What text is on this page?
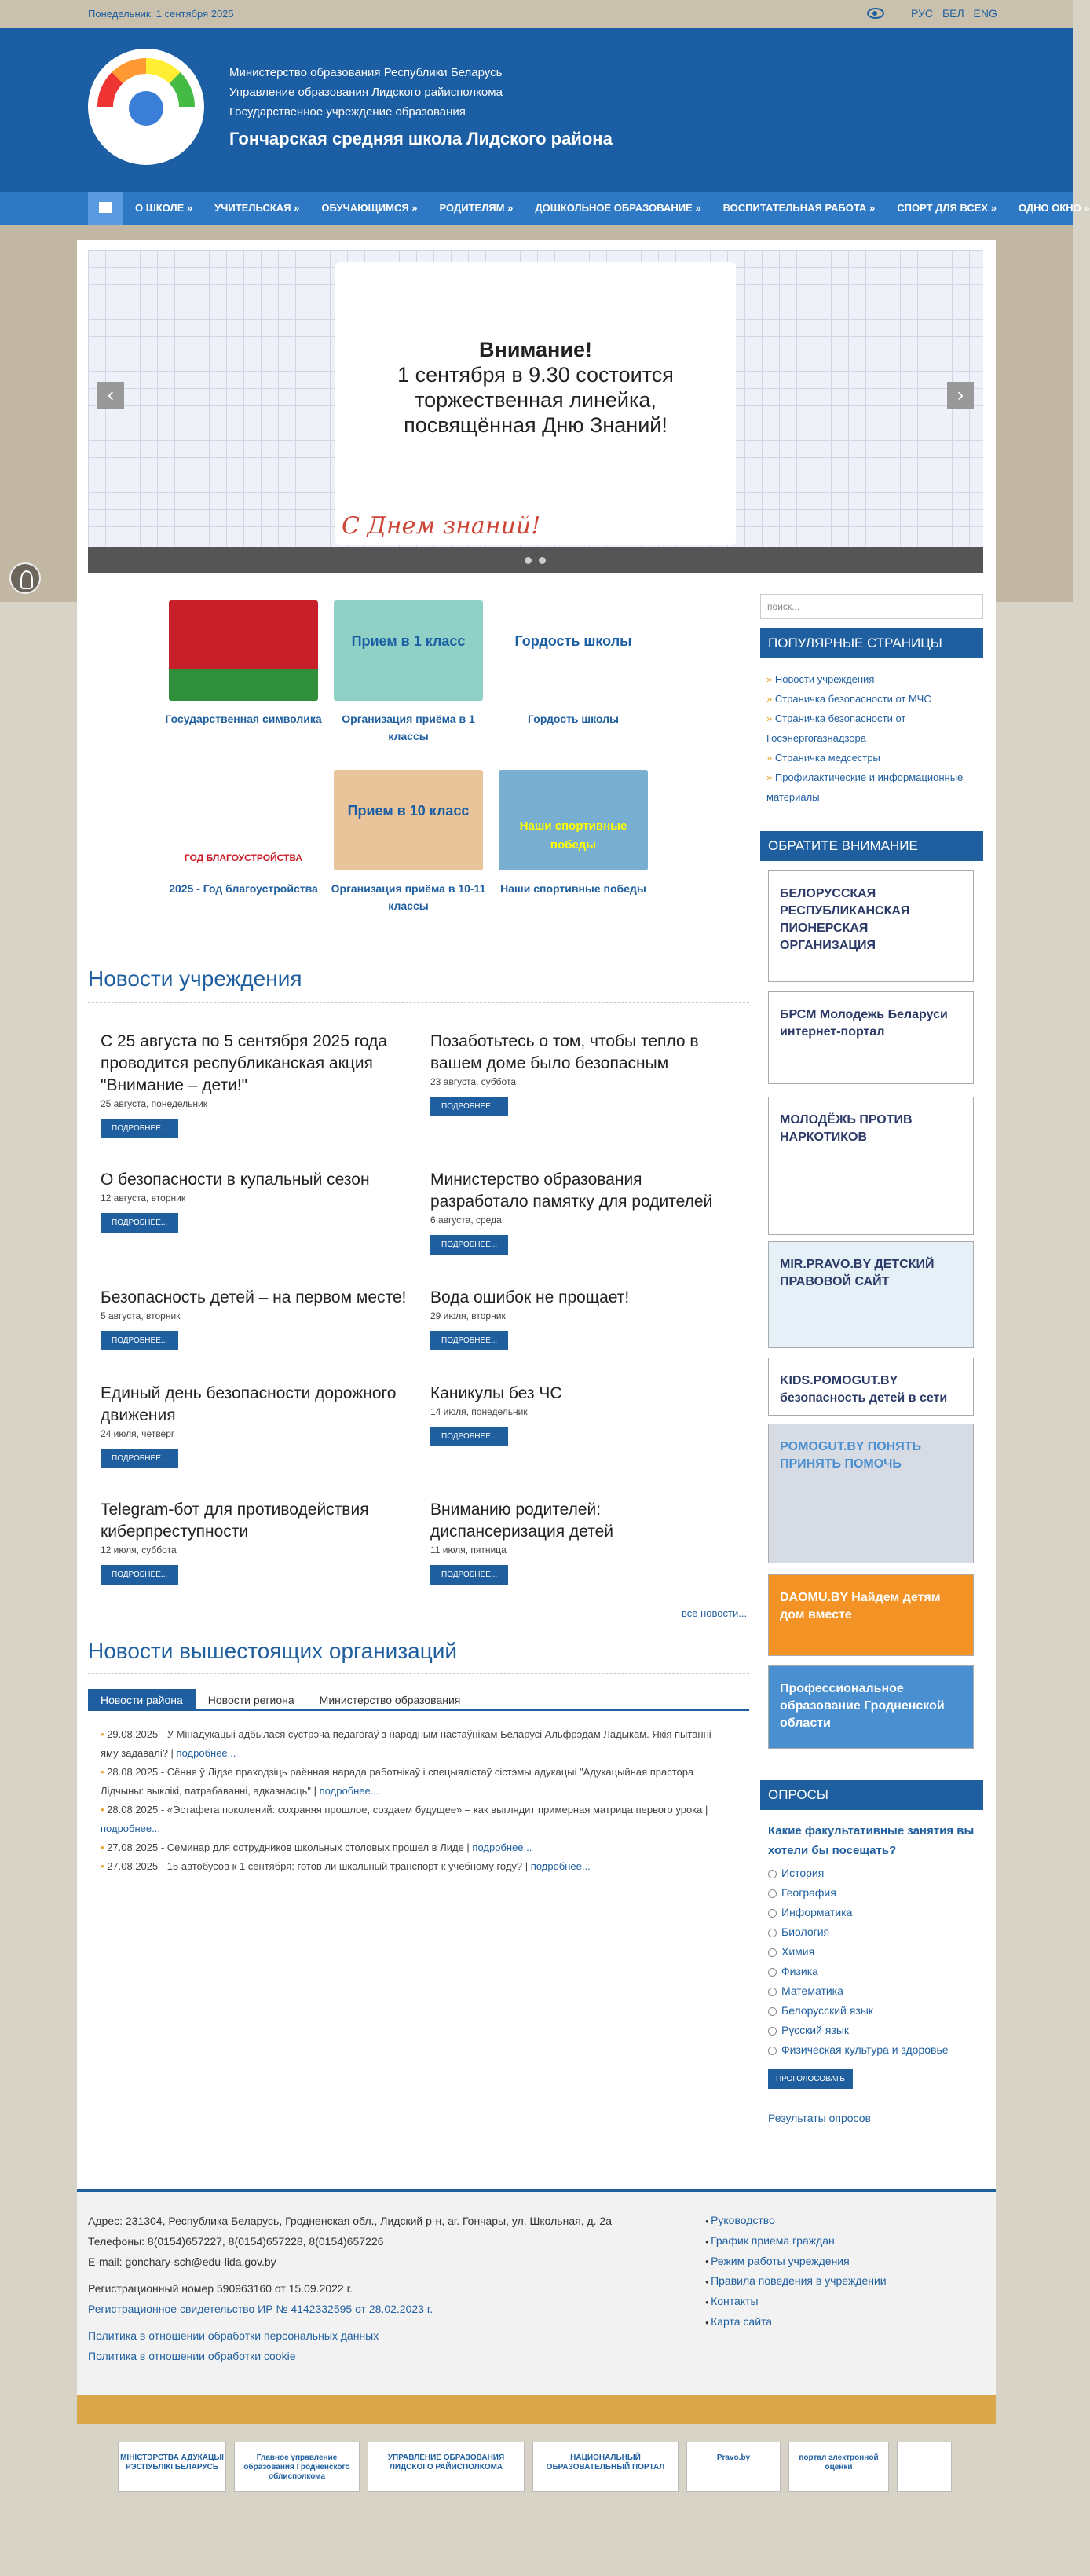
Понедельник, 1 сентября 2025	РУС БЕЛ ENG
Министерство образования Республики Беларусь
Управление образования Лидского райисполкома
Государственное учреждение образования
Гончарская средняя школа Лидского района
О ШКОЛЕ » УЧИТЕЛЬСКАЯ » ОБУЧАЮЩИМСЯ » РОДИТЕЛЯМ » ДОШКОЛЬНОЕ ОБРАЗОВАНИЕ » ВОСПИТАТЕЛЬНАЯ РАБОТА » СПОРТ ДЛЯ ВСЕХ » ОДНО ОКНО »
Внимание!
1 сентября в 9.30 состоится
торжественная линейка,
посвящённая Дню Знаний!
С Днем знаний!
‹	›
Новости учреждения
все новости...
Новости вышестоящих организаций
Новости района	Новости региона	Министерство образования
• 29.08.2025 - У Мінадукацыі адбылася сустрэча педагогаў з народным настаўнікам Беларусі Альфрэдам Ладыкам. Якія пытанні яму задавалі? | подробнее...
• 28.08.2025 - Сёння ў Лідзе праходзіць раённая нарада работнікаў і спецыялістаў сістэмы адукацыі "Адукацыйная прастора Лідчыны: выклікі, патрабаванні, адказнасць" | подробнее...
• 28.08.2025 - «Эстафета поколений: сохраняя прошлое, создаем будущее» – как выглядит примерная матрица первого урока | подробнее...
• 27.08.2025 - Семинар для сотрудников школьных столовых прошел в Лиде | подробнее...
• 27.08.2025 - 15 автобусов к 1 сентября: готов ли школьный транспорт к учебному году? | подробнее...
поиск...
ПОПУЛЯРНЫЕ СТРАНИЦЫ
» Новости учреждения
» Страничка безопасности от МЧС
» Страничка безопасности от Госэнергогазнадзора
» Страничка медсестры
» Профилактические и информационные материалы
ОБРАТИТЕ ВНИМАНИЕ
ОПРОСЫ
Какие факультативные занятия вы хотели бы посещать?
История
География
Информатика
Биология
Химия
Физика
Математика
Белорусский язык
Русский язык
Физическая культура и здоровье
ПРОГОЛОСОВАТЬ
Результаты опросов
Адрес: 231304, Республика Беларусь, Гродненская обл., Лидский р-н, аг. Гончары, ул. Школьная, д. 2а
Телефоны: 8(0154)657227, 8(0154)657228, 8(0154)657226
E-mail: gonchary-sch@edu-lida.gov.by
Регистрационный номер 590963160 от 15.09.2022 г.
Регистрационное свидетельство ИР № 4142332595 от 28.02.2023 г.
Политика в отношении обработки персональных данных
Политика в отношении обработки cookie
● Руководство
● График приема граждан
● Режим работы учреждения
● Правила поведения в учреждении
● Контакты
● Карта сайта
МІНІСТЭРСТВА АДУКАЦЫІ РЭСПУБЛІКІ БЕЛАРУСЬ
Главное управление образования Гродненского облисполкома
УПРАВЛЕНИЕ ОБРАЗОВАНИЯ ЛИДСКОГО РАЙИСПОЛКОМА
НАЦИОНАЛЬНЫЙ ОБРАЗОВАТЕЛЬНЫЙ ПОРТАЛ
Pravo.by	портал электронной оценки
Государственная символика
Прием в 1 класс
Организация приёма в 1 классы
Гордость школы
Гордость школы
ГОД БЛАГОУСТРОЙСТВА
2025 - Год благоустройства
Прием в 10 класс
Организация приёма в 10-11 классы
Наши спортивные победы
Наши спортивные победы
С 25 августа по 5 сентября 2025 года проводится республиканская акция "Внимание – дети!"
25 августа, понедельник
ПОДРОБНЕЕ...
Позаботьтесь о том, чтобы тепло в вашем доме было безопасным
23 августа, суббота
ПОДРОБНЕЕ...
О безопасности в купальный сезон
12 августа, вторник
ПОДРОБНЕЕ...
Министерство образования разработало памятку для родителей
6 августа, среда
ПОДРОБНЕЕ...
Безопасность детей – на первом месте!
5 августа, вторник
ПОДРОБНЕЕ...
Вода ошибок не прощает!
29 июля, вторник
ПОДРОБНЕЕ...
Единый день безопасности дорожного движения
24 июля, четверг
ПОДРОБНЕЕ...
Каникулы без ЧС
14 июля, понедельник
ПОДРОБНЕЕ...
Telegram-бот для противодействия киберпреступности
12 июля, суббота
ПОДРОБНЕЕ...
Вниманию родителей: диспансеризация детей
11 июля, пятница
ПОДРОБНЕЕ...
БЕЛОРУССКАЯ РЕСПУБЛИКАНСКАЯ ПИОНЕРСКАЯ ОРГАНИЗАЦИЯ
БРСМ Молодежь Беларуси интернет-портал
МОЛОДЁЖЬ ПРОТИВ НАРКОТИКОВ
MIR.PRAVO.BY ДЕТСКИЙ ПРАВОВОЙ САЙТ
KIDS.POMOGUT.BY безопасность детей в сети
POMOGUT.BY ПОНЯТЬ ПРИНЯТЬ ПОМОЧЬ
DAOMU.BY Найдем детям дом вместе
Профессиональное образование Гродненской области
